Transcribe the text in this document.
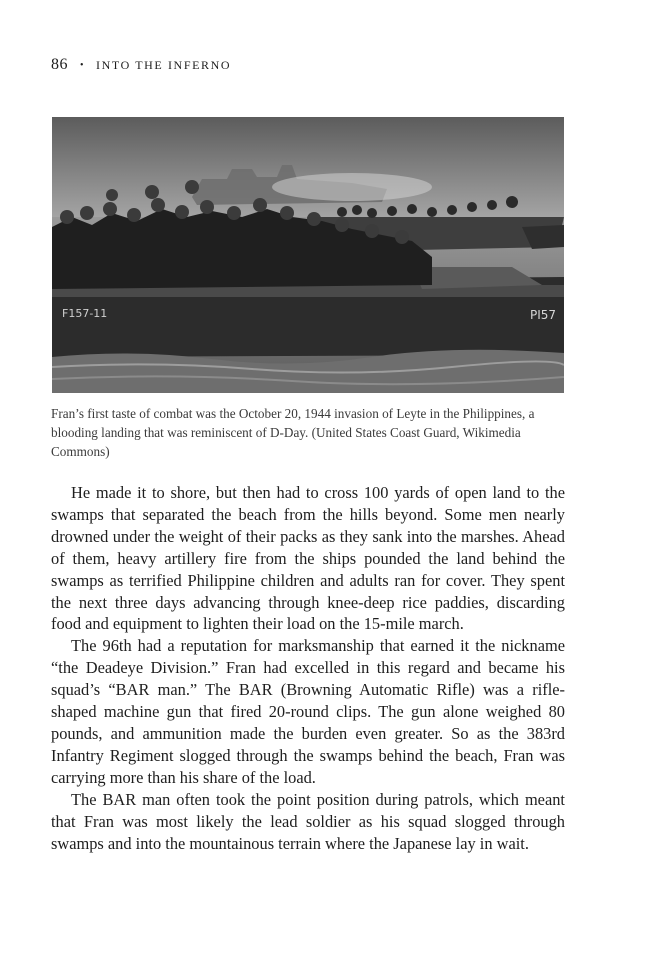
86 • INTO THE INFERNO
F157-11	PI57
Fran’s first taste of combat was the October 20, 1944 invasion of Leyte in the Philippines, a blooding landing that was reminiscent of D-Day. (United States Coast Guard, Wikimedia Commons)

He made it to shore, but then had to cross 100 yards of open land to the swamps that separated the beach from the hills beyond. Some men nearly drowned under the weight of their packs as they sank into the marshes. Ahead of them, heavy artillery fire from the ships pounded the land behind the swamps as terrified Philippine children and adults ran for cover. They spent the next three days advancing through knee-deep rice paddies, discarding food and equipment to lighten their load on the 15-mile march.

The 96th had a reputation for marksmanship that earned it the nickname “the Deadeye Division.” Fran had excelled in this regard and became his squad’s “BAR man.” The BAR (Browning Automatic Rifle) was a rifle-shaped machine gun that fired 20-round clips. The gun alone weighed 80 pounds, and ammunition made the burden even greater. So as the 383rd Infantry Regiment slogged through the swamps behind the beach, Fran was carrying more than his share of the load.

The BAR man often took the point position during patrols, which meant that Fran was most likely the lead soldier as his squad slogged through swamps and into the mountainous terrain where the Japanese lay in wait.
